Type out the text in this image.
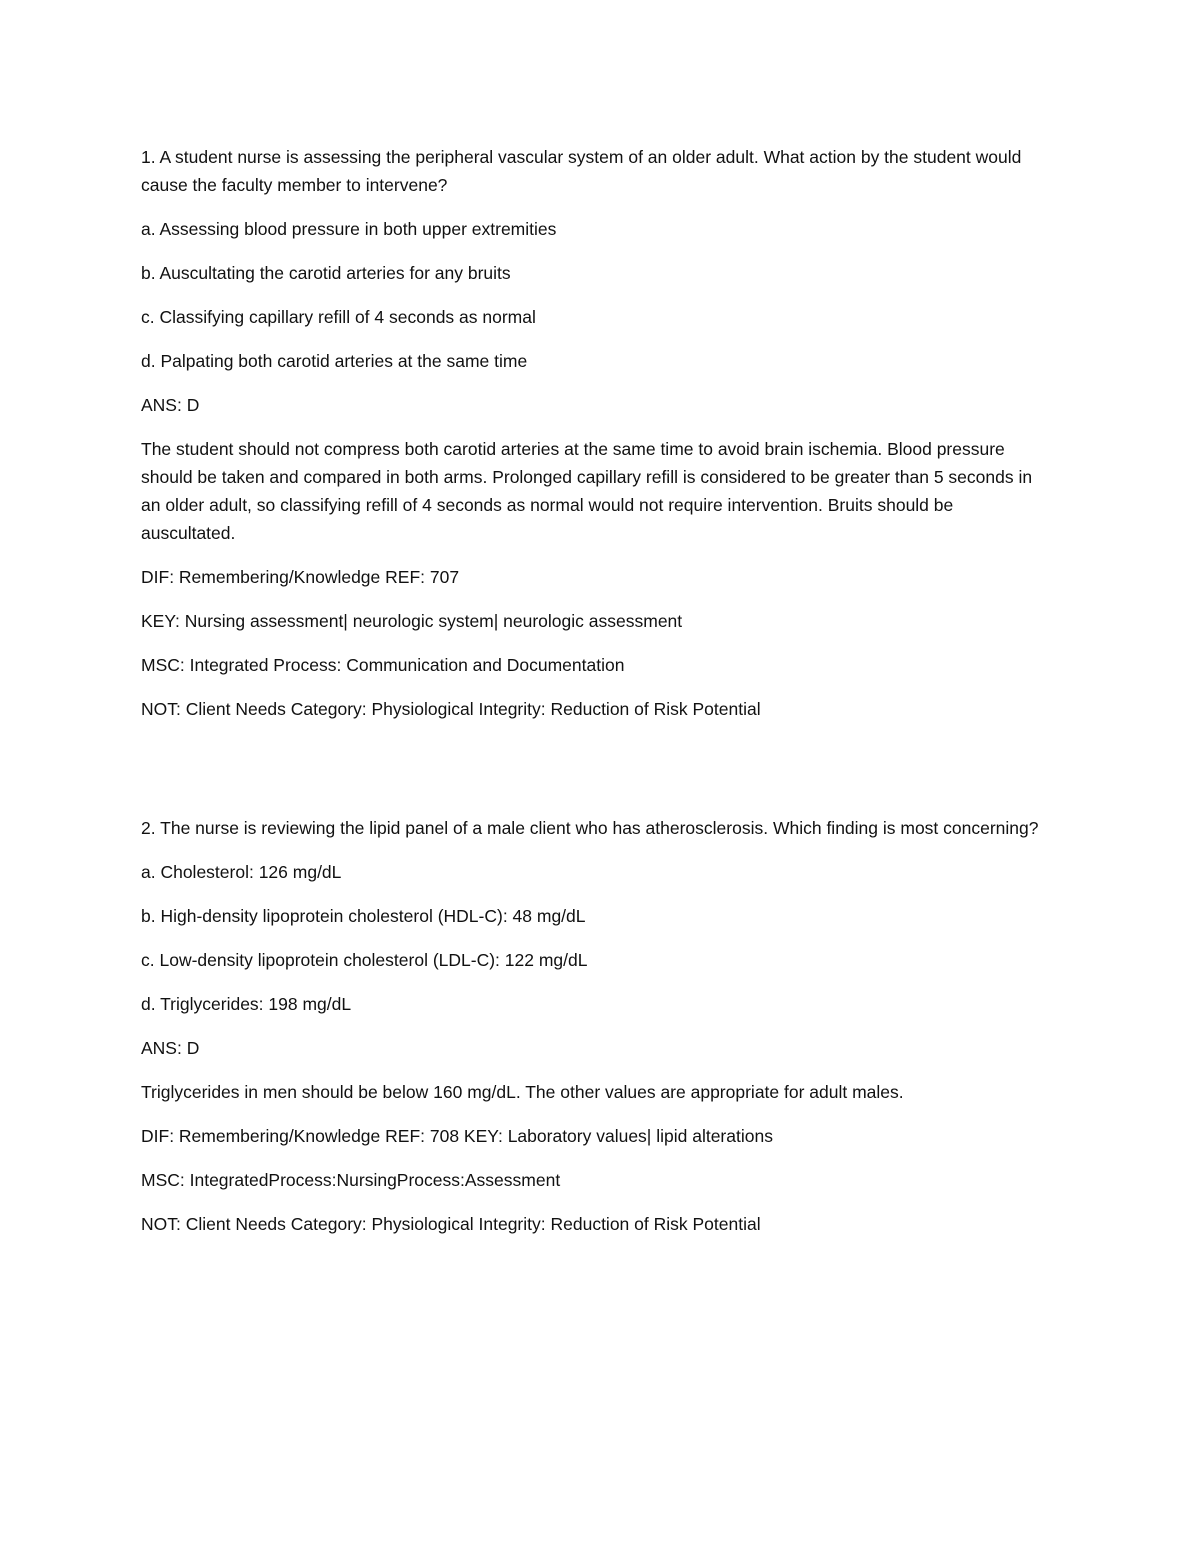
1. A student nurse is assessing the peripheral vascular system of an older adult. What action by the student would cause the faculty member to intervene?

a. Assessing blood pressure in both upper extremities

b. Auscultating the carotid arteries for any bruits

c. Classifying capillary refill of 4 seconds as normal

d. Palpating both carotid arteries at the same time

ANS: D

The student should not compress both carotid arteries at the same time to avoid brain ischemia. Blood pressure should be taken and compared in both arms. Prolonged capillary refill is considered to be greater than 5 seconds in an older adult, so classifying refill of 4 seconds as normal would not require intervention. Bruits should be auscultated.

DIF: Remembering/Knowledge REF: 707

KEY: Nursing assessment| neurologic system| neurologic assessment

MSC: Integrated Process: Communication and Documentation

NOT: Client Needs Category: Physiological Integrity: Reduction of Risk Potential

2. The nurse is reviewing the lipid panel of a male client who has atherosclerosis. Which finding is most concerning?

a. Cholesterol: 126 mg/dL

b. High-density lipoprotein cholesterol (HDL-C): 48 mg/dL

c. Low-density lipoprotein cholesterol (LDL-C): 122 mg/dL

d. Triglycerides: 198 mg/dL

ANS: D

Triglycerides in men should be below 160 mg/dL. The other values are appropriate for adult males.

DIF: Remembering/Knowledge REF: 708 KEY: Laboratory values| lipid alterations

MSC: IntegratedProcess:NursingProcess:Assessment

NOT: Client Needs Category: Physiological Integrity: Reduction of Risk Potential
